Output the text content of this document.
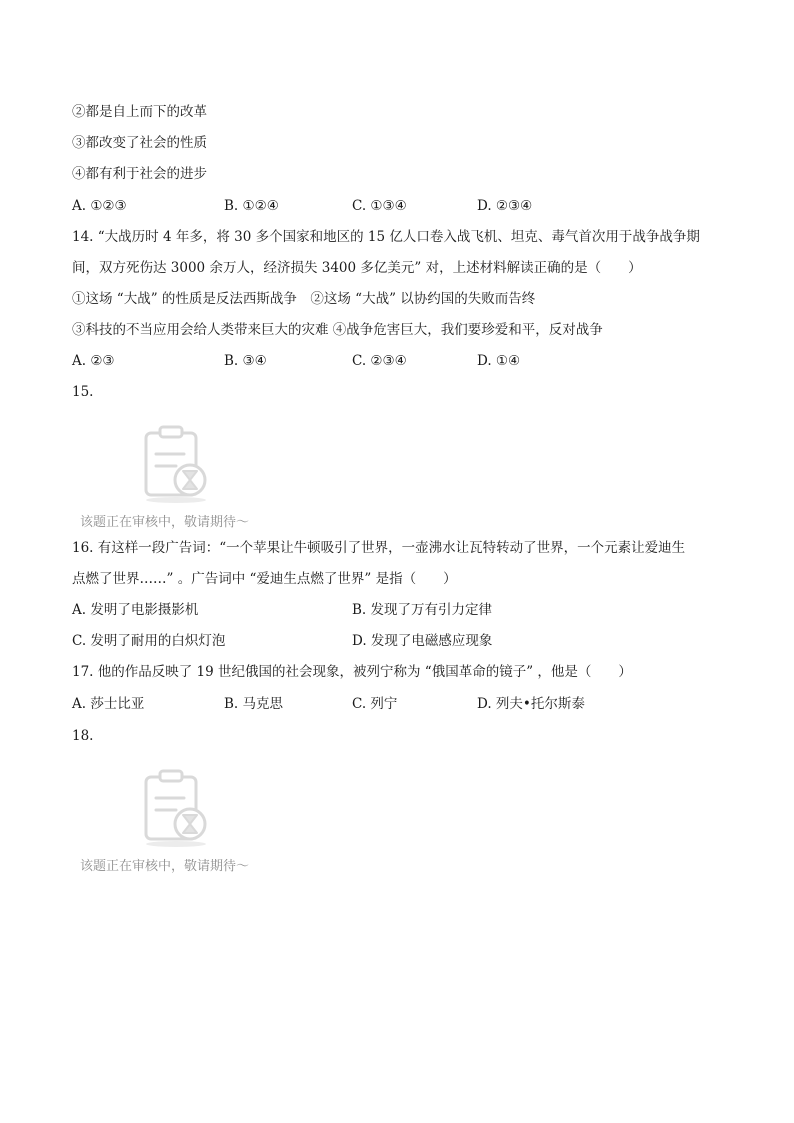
②都是自上而下的改革
③都改变了社会的性质
④都有利于社会的进步
A. ①②③	B. ①②④	C. ①③④	D. ②③④
14. “大战历时 4 年多，将 30 多个国家和地区的 15 亿人口卷入战飞机、坦克、毒气首次用于战争战争期
间，双方死伤达 3000 余万人，经济损失 3400 多亿美元” 对，上述材料解读正确的是（　　）
①这场 “大战” 的性质是反法西斯战争　②这场 “大战” 以协约国的失败而告终
③科技的不当应用会给人类带来巨大的灾难 ④战争危害巨大，我们要珍爱和平，反对战争
A. ②③	B. ③④	C. ②③④	D. ①④
15.
该题正在审核中，敬请期待～
16. 有这样一段广告词：“一个苹果让牛顿吸引了世界，一壶沸水让瓦特转动了世界，一个元素让爱迪生
点燃了世界……” 。广告词中 “爱迪生点燃了世界” 是指（　　）
A. 发明了电影摄影机	B. 发现了万有引力定律
C. 发明了耐用的白炽灯泡	D. 发现了电磁感应现象
17. 他的作品反映了 19 世纪俄国的社会现象，被列宁称为 “俄国革命的镜子” ，他是（　　）
A. 莎士比亚	B. 马克思	C. 列宁	D. 列夫•托尔斯泰
18.
该题正在审核中，敬请期待～
